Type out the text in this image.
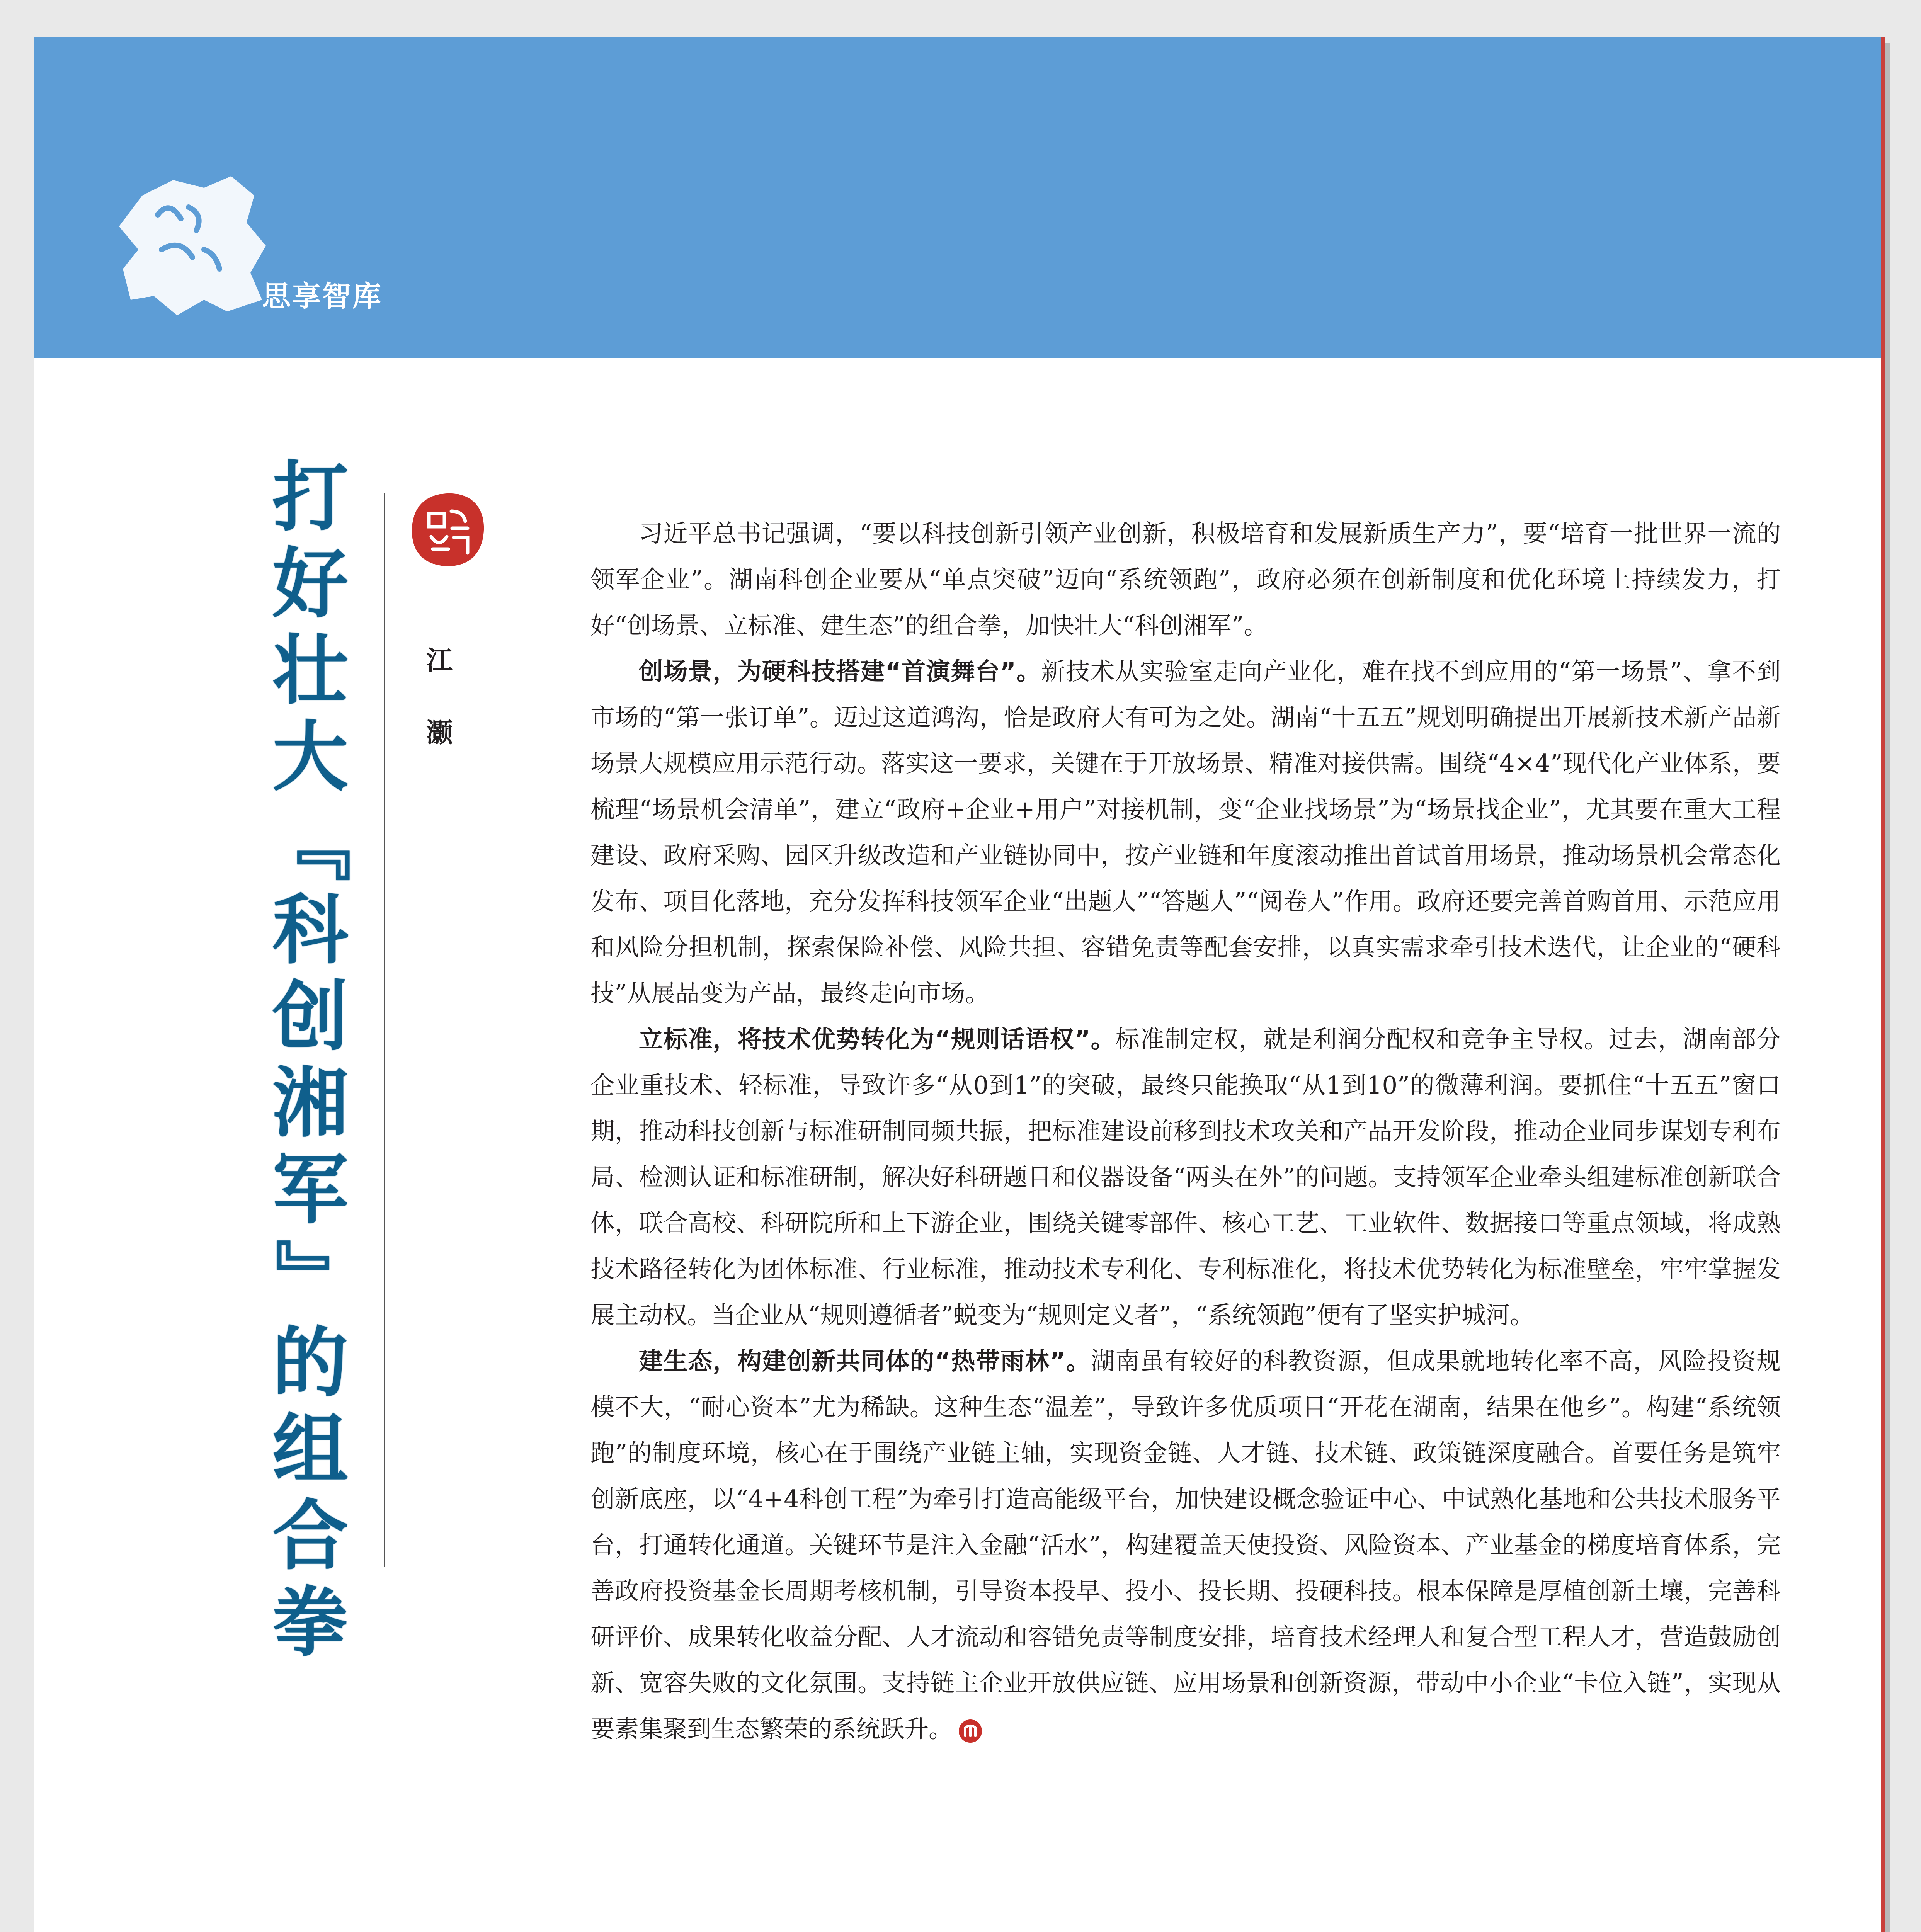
思享智库
打
好
壮
大
『
科
创
湘
军
』
的
组
合
拳
江
灏

习近平总书记强调，“要以科技创新引领产业创新，积极培育和发展新质生产力”，要“培育一批世界一流的领军企业”。湖南科创企业要从“单点突破”迈向“系统领跑”，政府必须在创新制度和优化环境上持续发力，打好“创场景、立标准、建生态”的组合拳，加快壮大“科创湘军”。

创场景，为硬科技搭建“首演舞台”。新技术从实验室走向产业化，难在找不到应用的“第一场景”、拿不到市场的“第一张订单”。迈过这道鸿沟，恰是政府大有可为之处。湖南“十五五”规划明确提出开展新技术新产品新场景大规模应用示范行动。落实这一要求，关键在于开放场景、精准对接供需。围绕“4×4”现代化产业体系，要梳理“场景机会清单”，建立“政府+企业+用户”对接机制，变“企业找场景”为“场景找企业”，尤其要在重大工程建设、政府采购、园区升级改造和产业链协同中，按产业链和年度滚动推出首试首用场景，推动场景机会常态化发布、项目化落地，充分发挥科技领军企业“出题人”“答题人”“阅卷人”作用。政府还要完善首购首用、示范应用和风险分担机制，探索保险补偿、风险共担、容错免责等配套安排，以真实需求牵引技术迭代，让企业的“硬科技”从展品变为产品，最终走向市场。

立标准，将技术优势转化为“规则话语权”。标准制定权，就是利润分配权和竞争主导权。过去，湖南部分企业重技术、轻标准，导致许多“从0到1”的突破，最终只能换取“从1到10”的微薄利润。要抓住“十五五”窗口期，推动科技创新与标准研制同频共振，把标准建设前移到技术攻关和产品开发阶段，推动企业同步谋划专利布局、检测认证和标准研制，解决好科研题目和仪器设备“两头在外”的问题。支持领军企业牵头组建标准创新联合体，联合高校、科研院所和上下游企业，围绕关键零部件、核心工艺、工业软件、数据接口等重点领域，将成熟技术路径转化为团体标准、行业标准，推动技术专利化、专利标准化，将技术优势转化为标准壁垒，牢牢掌握发展主动权。当企业从“规则遵循者”蜕变为“规则定义者”，“系统领跑”便有了坚实护城河。

建生态，构建创新共同体的“热带雨林”。湖南虽有较好的科教资源，但成果就地转化率不高，风险投资规模不大，“耐心资本”尤为稀缺。这种生态“温差”，导致许多优质项目“开花在湖南，结果在他乡”。构建“系统领跑”的制度环境，核心在于围绕产业链主轴，实现资金链、人才链、技术链、政策链深度融合。首要任务是筑牢创新底座，以“4+4科创工程”为牵引打造高能级平台，加快建设概念验证中心、中试熟化基地和公共技术服务平台，打通转化通道。关键环节是注入金融“活水”，构建覆盖天使投资、风险资本、产业基金的梯度培育体系，完善政府投资基金长周期考核机制，引导资本投早、投小、投长期、投硬科技。根本保障是厚植创新土壤，完善科研评价、成果转化收益分配、人才流动和容错免责等制度安排，培育技术经理人和复合型工程人才，营造鼓励创新、宽容失败的文化氛围。支持链主企业开放供应链、应用场景和创新资源，带动中小企业“卡位入链”，实现从要素集聚到生态繁荣的系统跃升。
